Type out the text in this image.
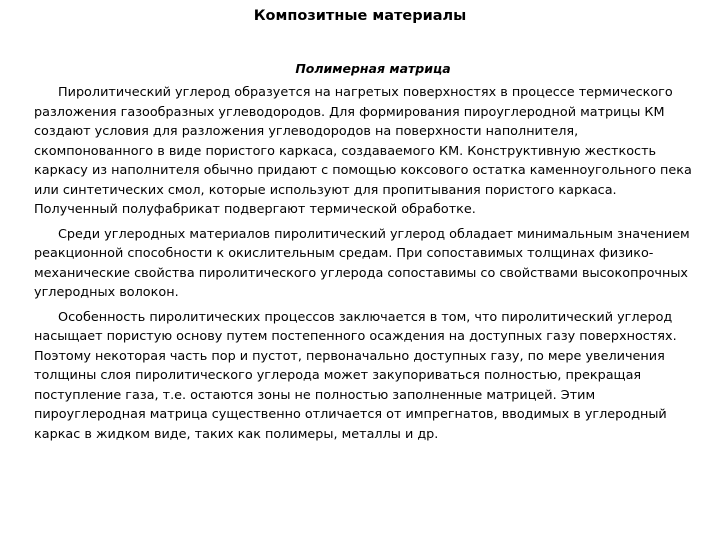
Композитные материалы
Полимерная матрица

Пиролитический углерод образуется на нагретых поверхностях в процессе термического разложения газообразных углеводородов. Для формирования пироуглеродной матрицы КМ создают условия для разложения углеводородов на поверхности наполнителя, скомпонованного в виде пористого каркаса, создаваемого КМ. Конструктивную жесткость каркасу из наполнителя обычно придают с помощью коксового остатка каменноугольного пека или синтетических смол, которые используют для пропитывания пористого каркаса. Полученный полуфабрикат подвергают термической обработке.

Среди углеродных материалов пиролитический углерод обладает минимальным значением реакционной способности к окислительным средам. При сопоставимых толщинах физико-механические свойства пиролитического углерода сопоставимы со свойствами высокопрочных углеродных волокон.

Особенность пиролитических процессов заключается в том, что пиролитический углерод насыщает пористую основу путем постепенного осаждения на доступных газу поверхностях. Поэтому некоторая часть пор и пустот, первоначально доступных газу, по мере увеличения толщины слоя пиролитического углерода может закупориваться полностью, прекращая поступление газа, т.е. остаются зоны не полностью заполненные матрицей. Этим пироуглеродная матрица существенно отличается от импрегнатов, вводимых в углеродный каркас в жидком виде, таких как полимеры, металлы и др.
